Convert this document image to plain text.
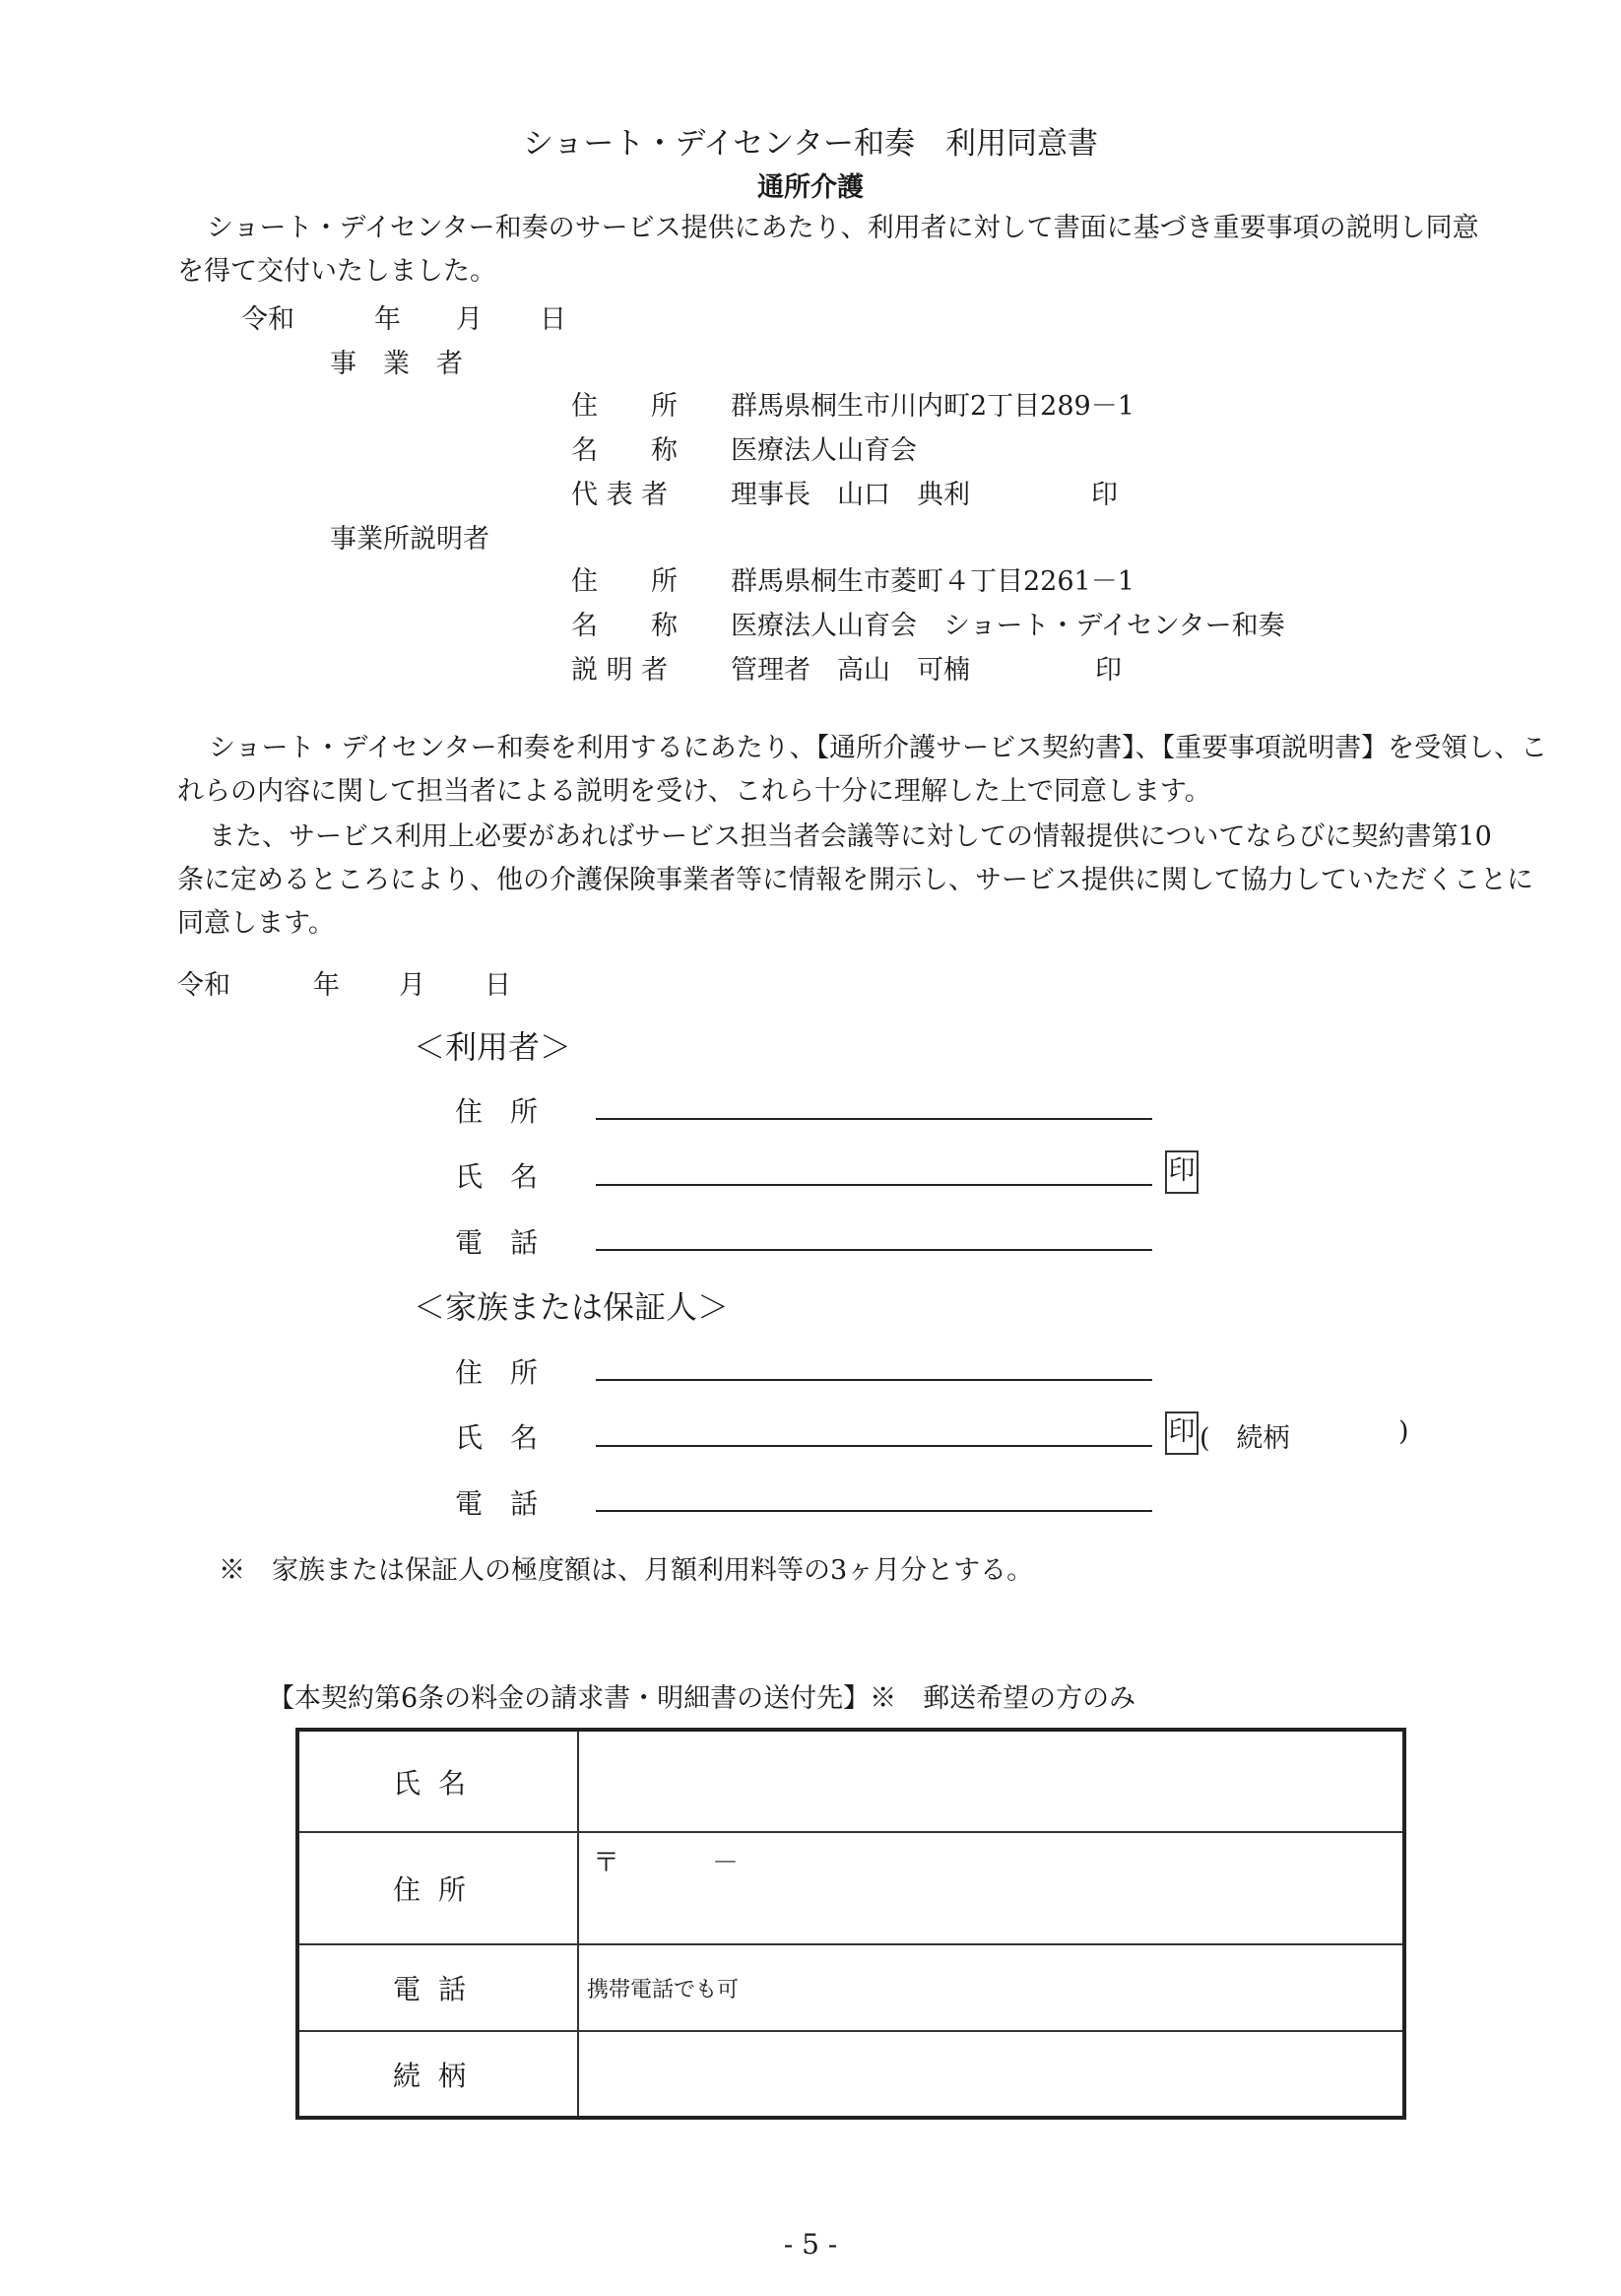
ショート・デイセンター和奏　利用同意書
通所介護
ショート・デイセンター和奏のサービス提供にあたり、利用者に対して書面に基づき重要事項の説明し同意
を得て交付いたしました。
令和	年 月 日
事　業　者
住　　所 群馬県桐生市川内町2丁目289－1
名　　称 医療法人山育会
代 表 者 理事長　山口　典利	印
事業所説明者
住　　所 群馬県桐生市菱町４丁目2261－1
名　　称 医療法人山育会　ショート・デイセンター和奏
説 明 者 管理者　高山　可楠	印
ショート・デイセンター和奏を利用するにあたり、【通所介護サービス契約書】、【重要事項説明書】を受領し、こ
れらの内容に関して担当者による説明を受け、これら十分に理解した上で同意します。
また、サービス利用上必要があればサービス担当者会議等に対しての情報提供についてならびに契約書第10
条に定めるところにより、他の介護保険事業者等に情報を開示し、サービス提供に関して協力していただくことに
同意します。
令和	年 月 日
＜利用者＞
住　所
氏　名	印
電　話
＜家族または保証人＞
住　所
氏　名	印 (　続柄	)
電　話
※　家族または保証人の極度額は、月額利用料等の3ヶ月分とする。
【本契約第6条の料金の請求書・明細書の送付先】※　郵送希望の方のみ
氏名	
住所	〒 －

電話	携帯電話でも可
続柄	
- 5 -
